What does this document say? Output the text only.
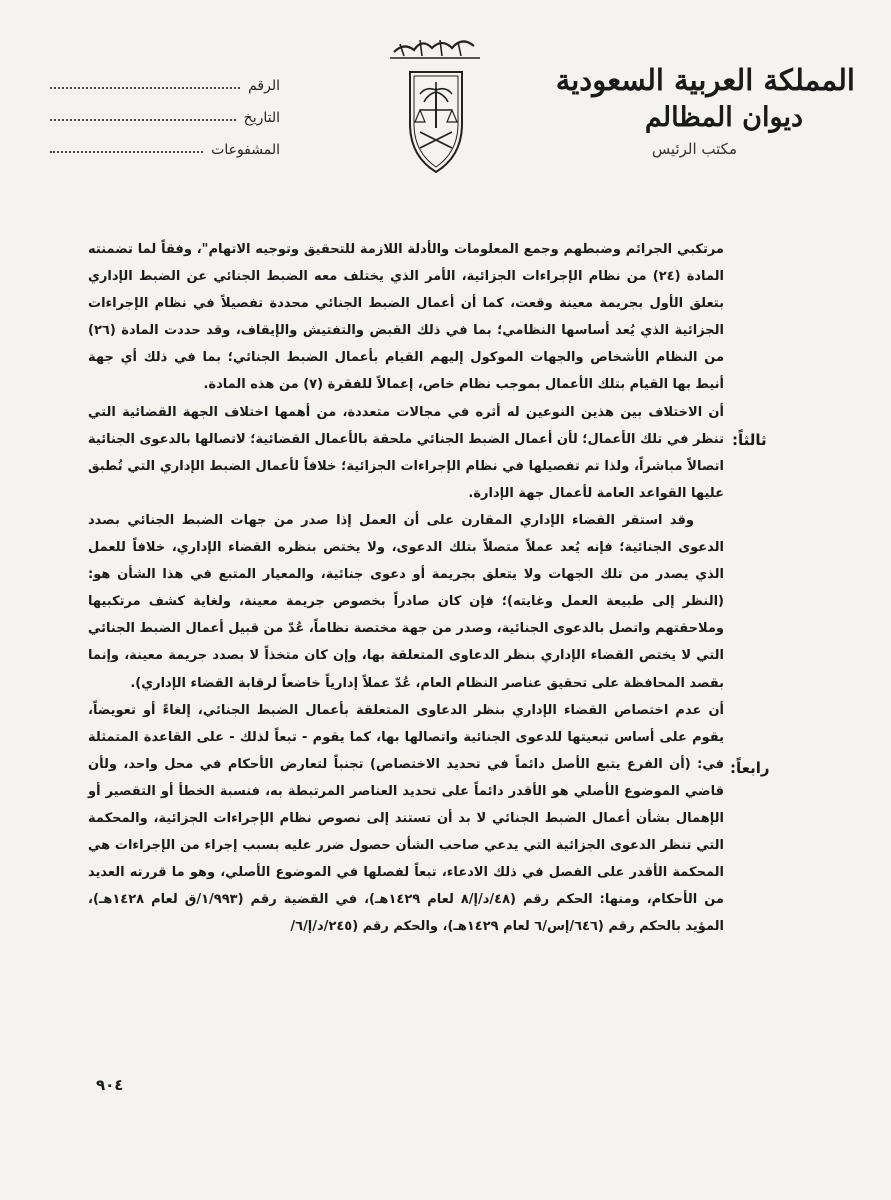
المملكة العربية السعودية
ديوان المظالم
مكتب الرئيس
الرقم
التاريخ
المشفوعات

مرتكبي الجرائم وضبطهم وجمع المعلومات والأدلة اللازمة للتحقيق وتوجيه الاتهام"، وفقاً لما تضمنته المادة (٢٤) من نظام الإجراءات الجزائية، الأمر الذي يختلف معه الضبط الجنائي عن الضبط الإداري بتعلق الأول بجريمة معينة وقعت، كما أن أعمال الضبط الجنائي محددة تفصيلاً في نظام الإجراءات الجزائية الذي يُعد أساسها النظامي؛ بما في ذلك القبض والتفتيش والإيقاف، وقد حددت المادة (٢٦) من النظام الأشخاص والجهات الموكول إليهم القيام بأعمال الضبط الجنائي؛ بما في ذلك أي جهة أنيط بها القيام بتلك الأعمال بموجب نظام خاص، إعمالاً للفقرة (٧) من هذه المادة.

أن الاختلاف بين هذين النوعين له أثره في مجالات متعددة، من أهمها اختلاف الجهة القضائية التي تنظر في تلك الأعمال؛ لأن أعمال الضبط الجنائي ملحقة بالأعمال القضائية؛ لاتصالها بالدعوى الجنائية اتصالاً مباشراً، ولذا تم تفصيلها في نظام الإجراءات الجزائية؛ خلافاً لأعمال الضبط الإداري التي تُطبق عليها القواعد العامة لأعمال جهة الإدارة.

وقد استقر القضاء الإداري المقارن على أن العمل إذا صدر من جهات الضبط الجنائي بصدد الدعوى الجنائية؛ فإنه يُعد عملاً متصلاً بتلك الدعوى، ولا يختص بنظره القضاء الإداري، خلافاً للعمل الذي يصدر من تلك الجهات ولا يتعلق بجريمة أو دعوى جنائية، والمعيار المتبع في هذا الشأن هو: (النظر إلى طبيعة العمل وغايته)؛ فإن كان صادراً بخصوص جريمة معينة، ولغاية كشف مرتكبيها وملاحقتهم واتصل بالدعوى الجنائية، وصدر من جهة مختصة نظاماً، عُدّ من قبيل أعمال الضبط الجنائي التي لا يختص القضاء الإداري بنظر الدعاوى المتعلقة بها، وإن كان متخذاً لا بصدد جريمة معينة، وإنما بقصد المحافظة على تحقيق عناصر النظام العام، عُدّ عملاً إدارياً خاضعاً لرقابة القضاء الإداري).

أن عدم اختصاص القضاء الإداري بنظر الدعاوى المتعلقة بأعمال الضبط الجنائي، إلغاءً أو تعويضاً، يقوم على أساس تبعيتها للدعوى الجنائية واتصالها بها، كما يقوم - تبعاً لذلك - على القاعدة المتمثلة في: (أن الفرع يتبع الأصل دائماً في تحديد الاختصاص) تجنباً لتعارض الأحكام في محل واحد، ولأن قاضي الموضوع الأصلي هو الأقدر دائماً على تحديد العناصر المرتبطة به، فنسبة الخطأ أو التقصير أو الإهمال بشأن أعمال الضبط الجنائي لا بد أن تستند إلى نصوص نظام الإجراءات الجزائية، والمحكمة التي تنظر الدعوى الجزائية التي يدعي صاحب الشأن حصول ضرر عليه بسبب إجراء من الإجراءات هي المحكمة الأقدر على الفصل في ذلك الادعاء، تبعاً لفصلها في الموضوع الأصلي، وهو ما قررته العديد من الأحكام، ومنها: الحكم رقم (٤٨/د/إ/٨ لعام ١٤٢٩هـ)، في القضية رقم (١/٩٩٣/ق لعام ١٤٢٨هـ)، المؤيد بالحكم رقم (٦٤٦/إس/٦ لعام ١٤٢٩هـ)، والحكم رقم (٢٤٥/د/إ/٦/

ثالثاً:
رابعاً:
٩٠٤
